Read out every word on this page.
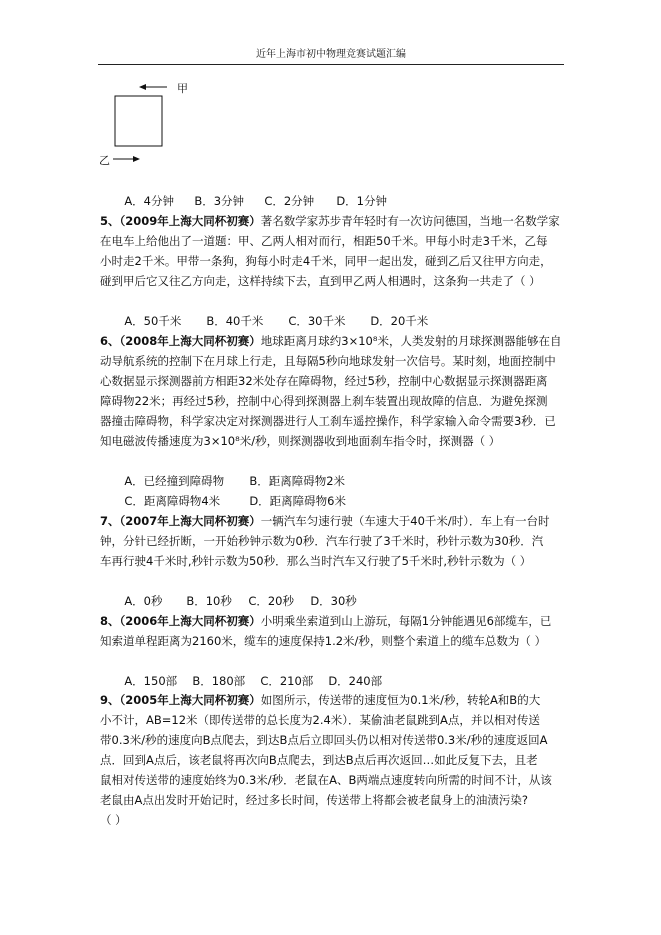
近年上海市初中物理竞赛试题汇编
甲
乙

A．4分钟 B．3分钟 C．2分钟 D．1分钟

5、（2009年上海大同杯初赛）著名数学家苏步青年轻时有一次访问德国，当地一名数学家

在电车上给他出了一道题：甲、乙两人相对而行，相距50千米。甲每小时走3千米，乙每

小时走2千米。甲带一条狗，狗每小时走4千米，同甲一起出发，碰到乙后又往甲方向走，

碰到甲后它又往乙方向走，这样持续下去，直到甲乙两人相遇时，这条狗一共走了（ ）

A．50千米 B．40千米 C．30千米 D．20千米

6、（2008年上海大同杯初赛）地球距离月球约3×10⁸米，人类发射的月球探测器能够在自

动导航系统的控制下在月球上行走，且每隔5秒向地球发射一次信号。某时刻，地面控制中

心数据显示探测器前方相距32米处存在障碍物，经过5秒，控制中心数据显示探测器距离

障碍物22米；再经过5秒，控制中心得到探测器上刹车装置出现故障的信息．为避免探测

器撞击障碍物，科学家决定对探测器进行人工刹车遥控操作，科学家输入命令需要3秒．已

知电磁波传播速度为3×10⁸米/秒，则探测器收到地面刹车指令时，探测器（ ）

A．已经撞到障碍物 B．距离障碍物2米

C．距离障碍物4米	D．距离障碍物6米

7、（2007年上海大同杯初赛）一辆汽车匀速行驶（车速大于40千米/时）．车上有一台时

钟，分针已经折断，一开始秒钟示数为0秒．汽车行驶了3千米时，秒针示数为30秒．汽

车再行驶4千米时,秒针示数为50秒．那么当时汽车又行驶了5千米时,秒针示数为（ ）

A．0秒 B．10秒 C．20秒 D．30秒

8、（2006年上海大同杯初赛）小明乘坐索道到山上游玩，每隔1分钟能遇见6部缆车，已

知索道单程距离为2160米，缆车的速度保持1.2米/秒，则整个索道上的缆车总数为（ ）

A．150部 B．180部 C．210部 D．240部

9、（2005年上海大同杯初赛）如图所示，传送带的速度恒为0.1米/秒，转轮A和B的大

小不计，AB=12米（即传送带的总长度为2.4米）．某偷油老鼠跳到A点，并以相对传送

带0.3米/秒的速度向B点爬去，到达B点后立即回头仍以相对传送带0.3米/秒的速度返回A

点．回到A点后，该老鼠将再次向B点爬去，到达B点后再次返回…如此反复下去，且老

鼠相对传送带的速度始终为0.3米/秒．老鼠在A、B两端点速度转向所需的时间不计，从该

老鼠由A点出发时开始记时，经过多长时间，传送带上将都会被老鼠身上的油渍污染?

（ ）
